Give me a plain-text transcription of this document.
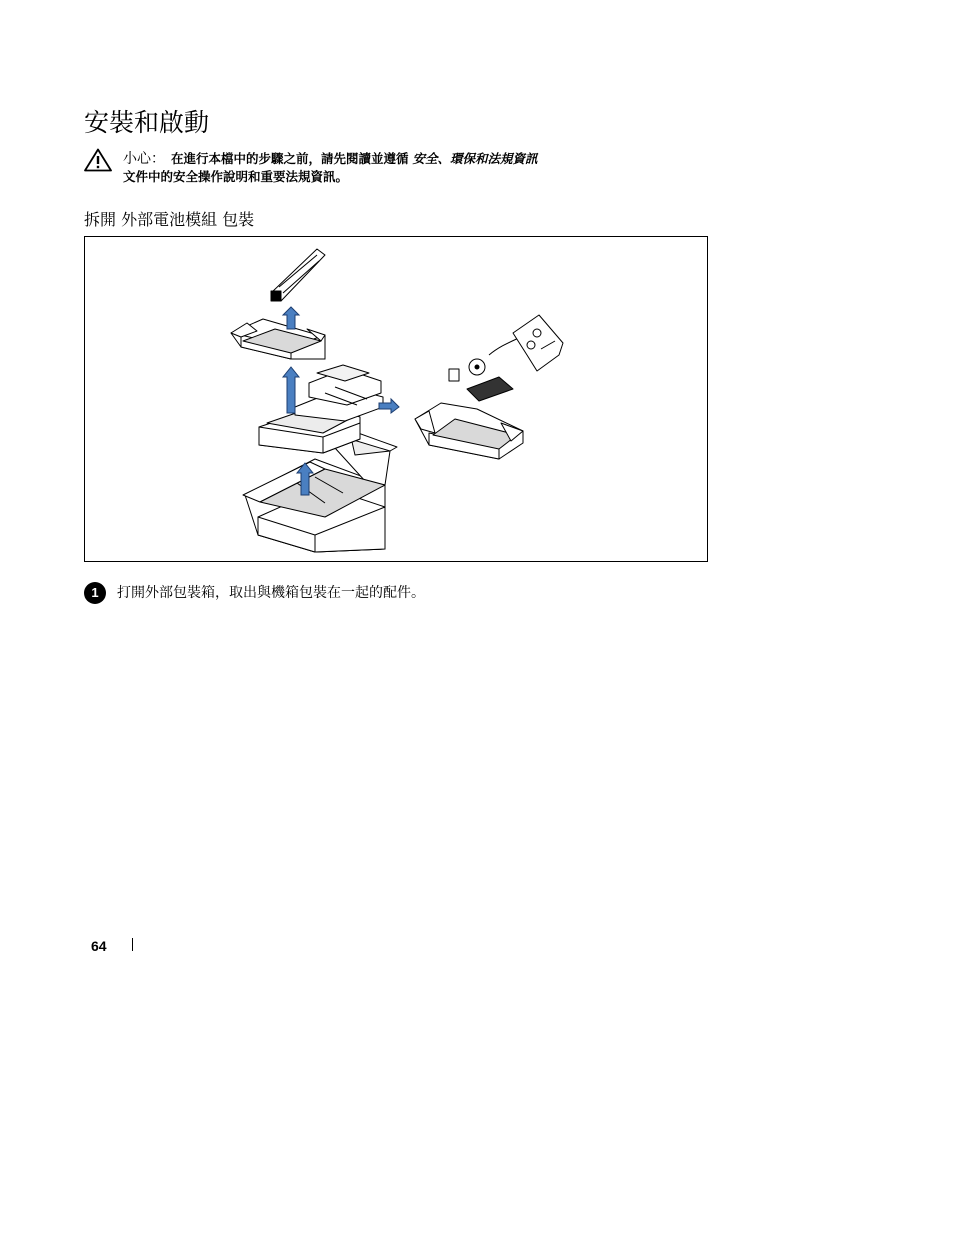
安裝和啟動
小心： 在進行本檔中的步驟之前，請先閱讀並遵循 安全、環保和法規資訊
文件中的安全操作說明和重要法規資訊。
拆開 外部電池模組 包裝
1	打開外部包裝箱，取出與機箱包裝在一起的配件。
64
